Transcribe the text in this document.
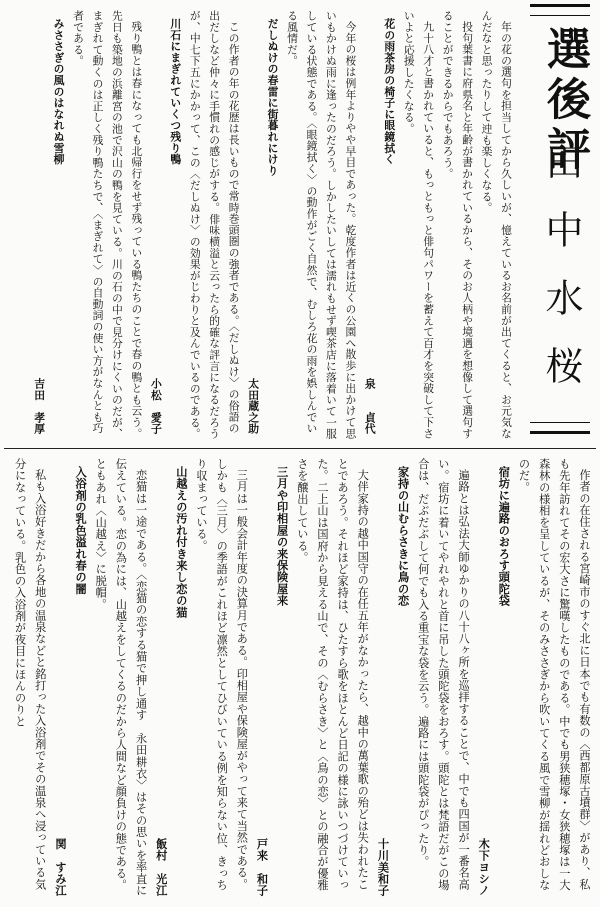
選後評
田中水桜

年の花の選句を担当してから久しいが、憶えているお名前が出てくると、お元気なんだなと思ったりして迚も楽しくなる。

投句葉書に府県名と年齢が書かれているから、そのお人柄や境遇を想像して選句することができるからでもあろう。

九十八才と書かれていると、もっともっと俳句パワーを蓄えて百才を突破して下さいよと応援したくなる。

花の雨茶房の椅子に眼鏡拭く

泉　　貞代

今年の桜は例年よりやや早目であった。乾度作者は近くの公園へ散歩に出かけて思いもかけぬ雨に逢ったのだろう。しかしたいしては濡れもせず喫茶店に落着いて一服している状態である。〈眼鏡拭く〉の動作がごく自然で、むしろ花の雨を娯しんでいる風情だ。

だしぬけの春雷に街暮れにけり

太田蔵之助

この作者の年の花歴は長いもので常時巻頭圏の強者である。〈だしぬけ〉の俗語の出だしなど仲々に手慣れの感じがする。俳味横溢と云ったら的確な評言になるだろうが、中七下五にかかって、この〈だしぬけ〉の効果がじわりと及んでいるのである。

川石にまぎれていくつ残り鴨

小松　愛子

残り鴨とは春になっても北帰行をせず残っている鴨たちのことで春の鴨とも云う。先日も築地の浜離宮の池で沢山の鴨を見ている。川の石の中で見分けにくいのだが、まぎれて動くのは正しく残り鴨たちで、〈まぎれて〉の自動詞の使い方がなんとも巧者である。

みささぎの風のはなれぬ雪柳

吉田　孝厚

作者の在住される宮崎市のすぐ北に日本でも有数の〈西都原古墳群〉があり、私も先年訪れてその宏大さに驚嘆したものである。中でも男狭穂塚・女狭穂塚は一大森林の様相を呈しているが、そのみささぎから吹いてくる風で雪柳が揺れどおしなのだ。

宿坊に遍路のおろす頭陀袋

木下ヨシノ

遍路とは弘法大師ゆかりの八十八ヶ所を巡拝することで、中でも四国が一番名高い。宿坊に着いてやれやれと首に吊した頭陀袋をおろす。頭陀とは梵語だがこの場合は、だぶだぶして何でも入る重宝な袋を云う。遍路には頭陀袋がぴったり。

家持の山むらさきに鳥の恋

十川美和子

大伴家持の越中国守の在任五年がなかったら、越中の萬葉歌の殆どは失われたことであろう。それほど家持は、ひたすら歌をほとんど日記の様に詠いつづけていった。二上山は国府から見える山で、その〈むらさき〉と〈鳥の恋〉との融合が優雅さを醸出している。

三月や印相屋の来保険屋来

戸来　和子

三月は一般会計年度の決算月である。印相屋や保険屋がやって来て当然である。しかも〈三月〉の季語がこれほど凛然としてひびいている例を知らない位、きっちり収まっている。

山越えの汚れ付き来し恋の猫

飯村　光江

恋猫は一途である。〈恋猫の恋する猫で押し通す　永田耕衣〉はその思いを率直に伝えている。恋の為には、山越えをしてくるのだから人間など顔負けの態である。ともあれ〈山越え〉に脱帽。

入浴剤の乳色溢れ春の闇

関　すみ江

私も入浴好きだから各地の温泉などと銘打った入浴剤でその温泉へ浸っている気分になっている。乳色の入浴剤が夜目にほんのりと
